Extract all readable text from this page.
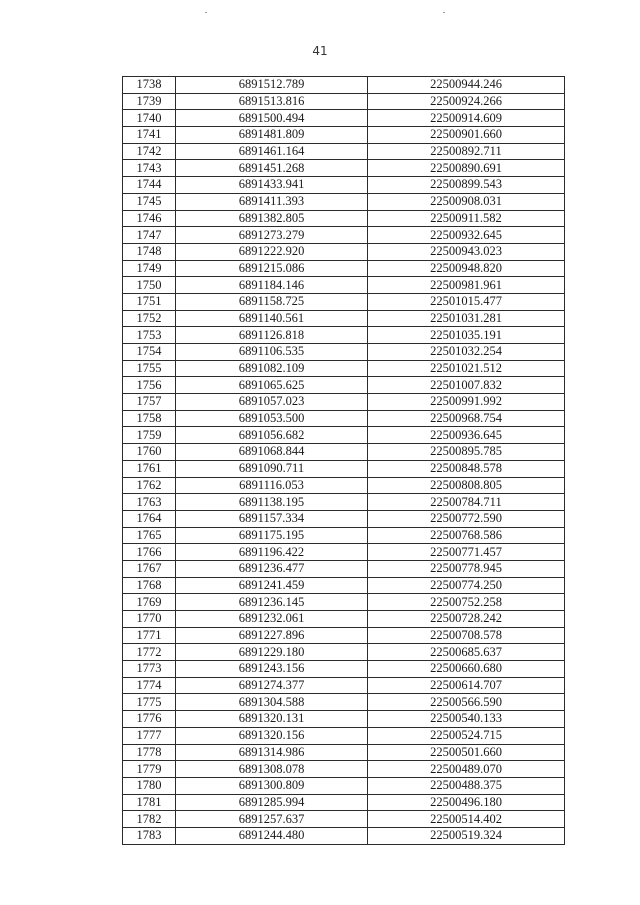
41
1738	6891512.789	22500944.246
1739	6891513.816	22500924.266
1740	6891500.494	22500914.609
1741	6891481.809	22500901.660
1742	6891461.164	22500892.711
1743	6891451.268	22500890.691
1744	6891433.941	22500899.543
1745	6891411.393	22500908.031
1746	6891382.805	22500911.582
1747	6891273.279	22500932.645
1748	6891222.920	22500943.023
1749	6891215.086	22500948.820
1750	6891184.146	22500981.961
1751	6891158.725	22501015.477
1752	6891140.561	22501031.281
1753	6891126.818	22501035.191
1754	6891106.535	22501032.254
1755	6891082.109	22501021.512
1756	6891065.625	22501007.832
1757	6891057.023	22500991.992
1758	6891053.500	22500968.754
1759	6891056.682	22500936.645
1760	6891068.844	22500895.785
1761	6891090.711	22500848.578
1762	6891116.053	22500808.805
1763	6891138.195	22500784.711
1764	6891157.334	22500772.590
1765	6891175.195	22500768.586
1766	6891196.422	22500771.457
1767	6891236.477	22500778.945
1768	6891241.459	22500774.250
1769	6891236.145	22500752.258
1770	6891232.061	22500728.242
1771	6891227.896	22500708.578
1772	6891229.180	22500685.637
1773	6891243.156	22500660.680
1774	6891274.377	22500614.707
1775	6891304.588	22500566.590
1776	6891320.131	22500540.133
1777	6891320.156	22500524.715
1778	6891314.986	22500501.660
1779	6891308.078	22500489.070
1780	6891300.809	22500488.375
1781	6891285.994	22500496.180
1782	6891257.637	22500514.402
1783	6891244.480	22500519.324
